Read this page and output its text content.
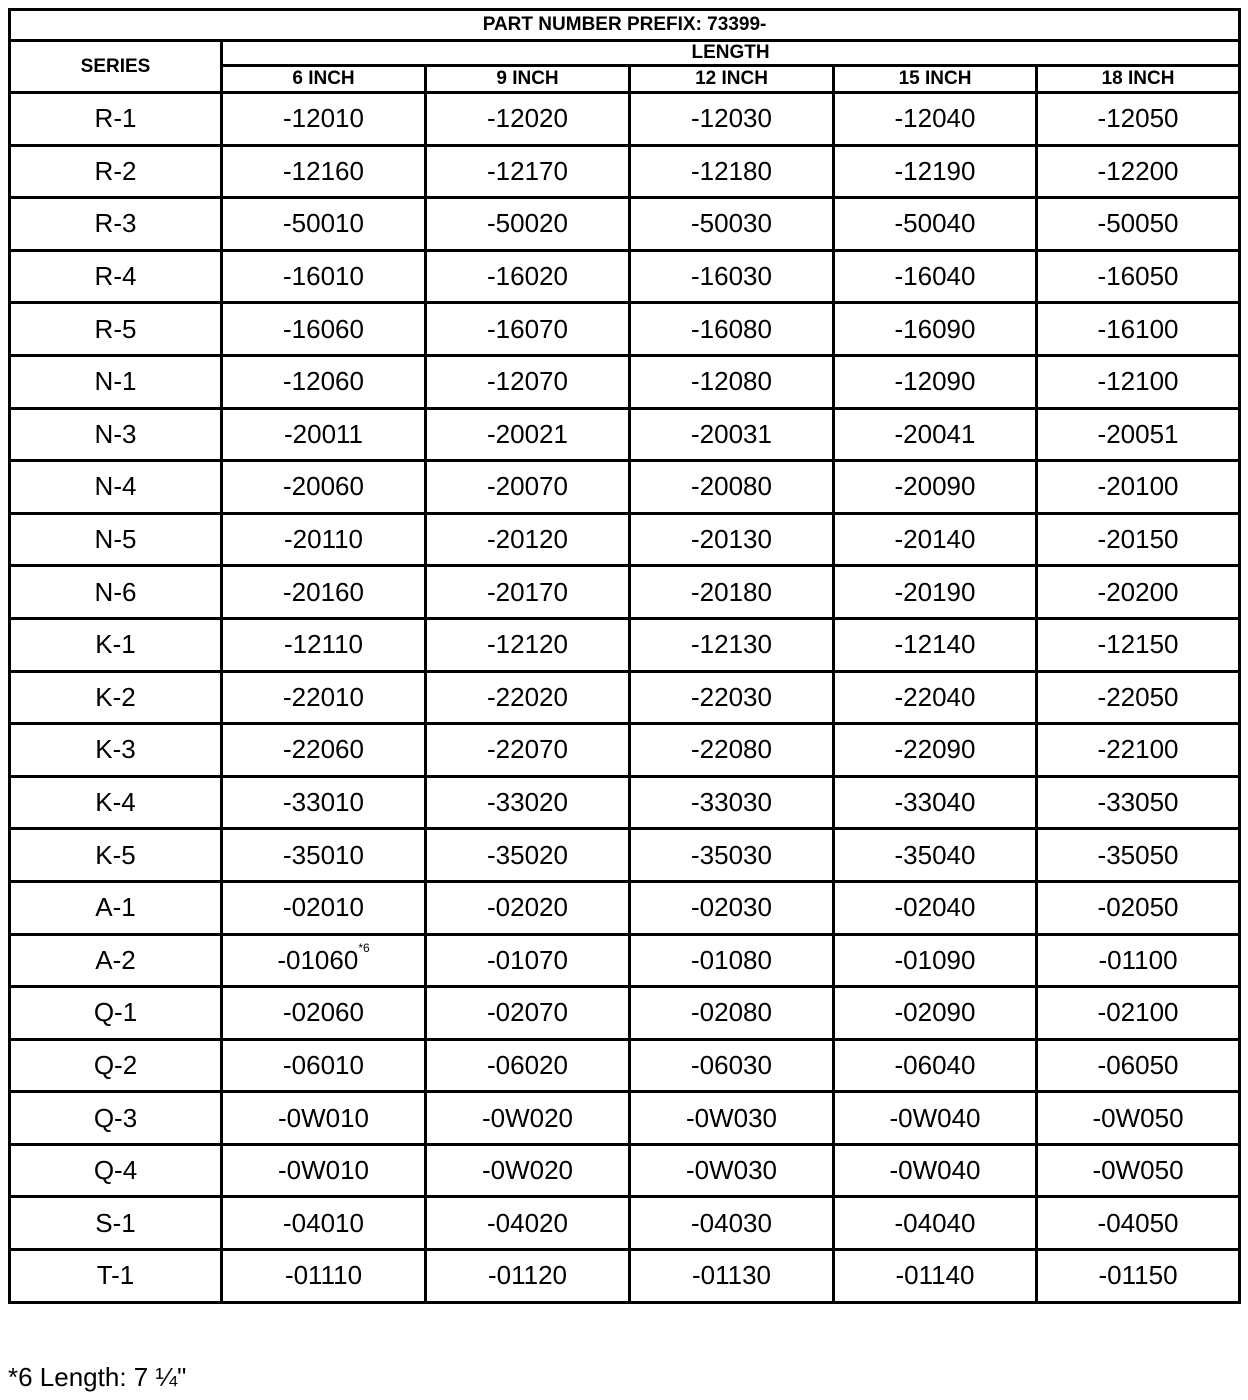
PART NUMBER PREFIX: 73399-					
SERIES	LENGTH				
	6 INCH	9 INCH	12 INCH	15 INCH	18 INCH
R-1	-12010	-12020	-12030	-12040	-12050
R-2	-12160	-12170	-12180	-12190	-12200
R-3	-50010	-50020	-50030	-50040	-50050
R-4	-16010	-16020	-16030	-16040	-16050
R-5	-16060	-16070	-16080	-16090	-16100
N-1	-12060	-12070	-12080	-12090	-12100
N-3	-20011	-20021	-20031	-20041	-20051
N-4	-20060	-20070	-20080	-20090	-20100
N-5	-20110	-20120	-20130	-20140	-20150
N-6	-20160	-20170	-20180	-20190	-20200
K-1	-12110	-12120	-12130	-12140	-12150
K-2	-22010	-22020	-22030	-22040	-22050
K-3	-22060	-22070	-22080	-22090	-22100
K-4	-33010	-33020	-33030	-33040	-33050
K-5	-35010	-35020	-35030	-35040	-35050
A-1	-02010	-02020	-02030	-02040	-02050
A-2	-01060$^{*6}$	-01070	-01080	-01090	-01100
Q-1	-02060	-02070	-02080	-02090	-02100
Q-2	-06010	-06020	-06030	-06040	-06050
Q-3	-0W010	-0W020	-0W030	-0W040	-0W050
Q-4	-0W010	-0W020	-0W030	-0W040	-0W050
S-1	-04010	-04020	-04030	-04040	-04050
T-1	-01110	-01120	-01130	-01140	-01150
*6 Length: 7 ¼"
